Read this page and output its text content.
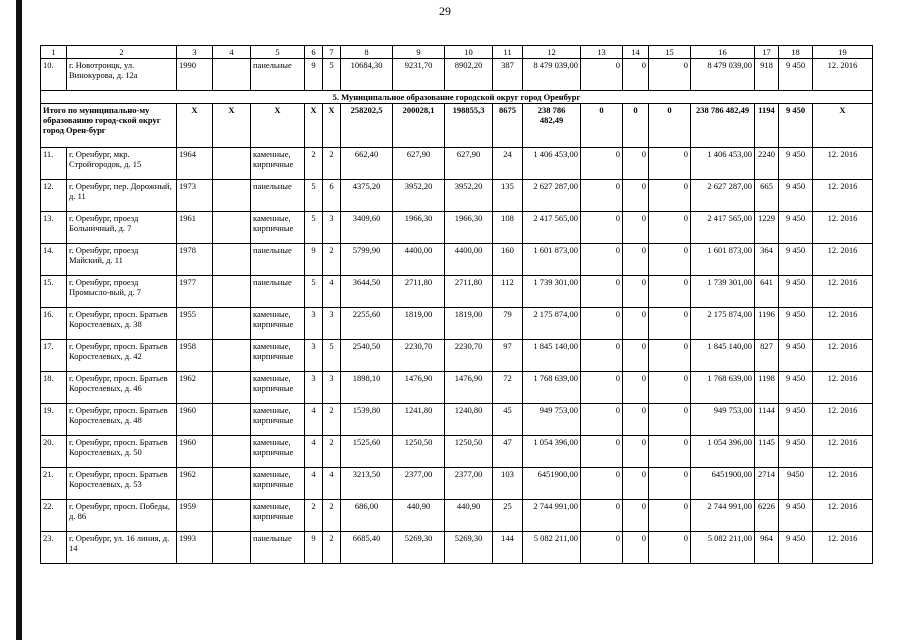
29
1	2	3	4	5	6	7	8	9	10	11	12	13	14	15	16	17	18	19
10.	г. Новотроицк, ул. Винокурова, д. 12а	1990		панельные	9	5	10684,30	9231,70	8902,20	387	8 479 039,00	0	0	0	8 479 039,00	918	9 450	12. 2016
5. Муниципальное образование городской округ город Оренбург																		
Итого по муниципально-му образованию город-ской округ город Орен-бург		X	X	X	X	X	258202,5	200028,1	198855,3	8675	238 786 482,49	0	0	0	238 786 482,49	1194	9 450	X
11.	г. Оренбург, мкр. Стройгородок, д. 15	1964		каменные, кирпичные	2	2	662,40	627,90	627,90	24	1 406 453,00	0	0	0	1 406 453,00	2240	9 450	12. 2016
12.	г. Оренбург, пер. Дорожный, д. 11	1973		панельные	5	6	4375,20	3952,20	3952,20	135	2 627 287,00	0	0	0	2 627 287,00	665	9 450	12. 2016
13.	г. Оренбург, проезд Больничный, д. 7	1961		каменные, кирпичные	5	3	3409,60	1966,30	1966,30	108	2 417 565,00	0	0	0	2 417 565,00	1229	9 450	12. 2016
14.	г. Оренбург, проезд Майский, д. 11	1978		панельные	9	2	5799,90	4400,00	4400,00	160	1 601 873,00	0	0	0	1 601 873,00	364	9 450	12. 2016
15.	г. Оренбург, проезд Промысло-вый, д. 7	1977		панельные	5	4	3644,50	2711,80	2711,80	112	1 739 301,00	0	0	0	1 739 301,00	641	9 450	12. 2016
16.	г. Оренбург, просп. Братьев Коростелевых, д. 38	1955		каменные, кирпичные	3	3	2255,60	1819,00	1819,00	79	2 175 874,00	0	0	0	2 175 874,00	1196	9 450	12. 2016
17.	г. Оренбург, просп. Братьев Коростелевых, д. 42	1958		каменные, кирпичные	3	5	2540,50	2230,70	2230,70	97	1 845 140,00	0	0	0	1 845 140,00	827	9 450	12. 2016
18.	г. Оренбург, просп. Братьев Коростелевых, д. 46	1962		каменные, кирпичные	3	3	1898,10	1476,90	1476,90	72	1 768 639,00	0	0	0	1 768 639,00	1198	9 450	12. 2016
19.	г. Оренбург, просп. Братьев Коростелевых, д. 48	1960		каменные, кирпичные	4	2	1539,80	1241,80	1240,80	45	949 753,00	0	0	0	949 753,00	1144	9 450	12. 2016
20.	г. Оренбург, просп. Братьев Коростелевых, д. 50	1960		каменные, кирпичные	4	2	1525,60	1250,50	1250,50	47	1 054 396,00	0	0	0	1 054 396,00	1145	9 450	12. 2016
21.	г. Оренбург, просп. Братьев Коростелевых, д. 53	1962		каменные, кирпичные	4	4	3213,50	2377,00	2377,00	103	6451900,00	0	0	0	6451900,00	2714	9450	12. 2016
22.	г. Оренбург, просп. Победы, д. 86	1959		каменные, кирпичные	2	2	686,00	440,90	440,90	25	2 744 991,00	0	0	0	2 744 991,00	6226	9 450	12. 2016
23.	г. Оренбург, ул. 16 линия, д. 14	1993		панельные	9	2	6685,40	5269,30	5269,30	144	5 082 211,00	0	0	0	5 082 211,00	964	9 450	12. 2016
